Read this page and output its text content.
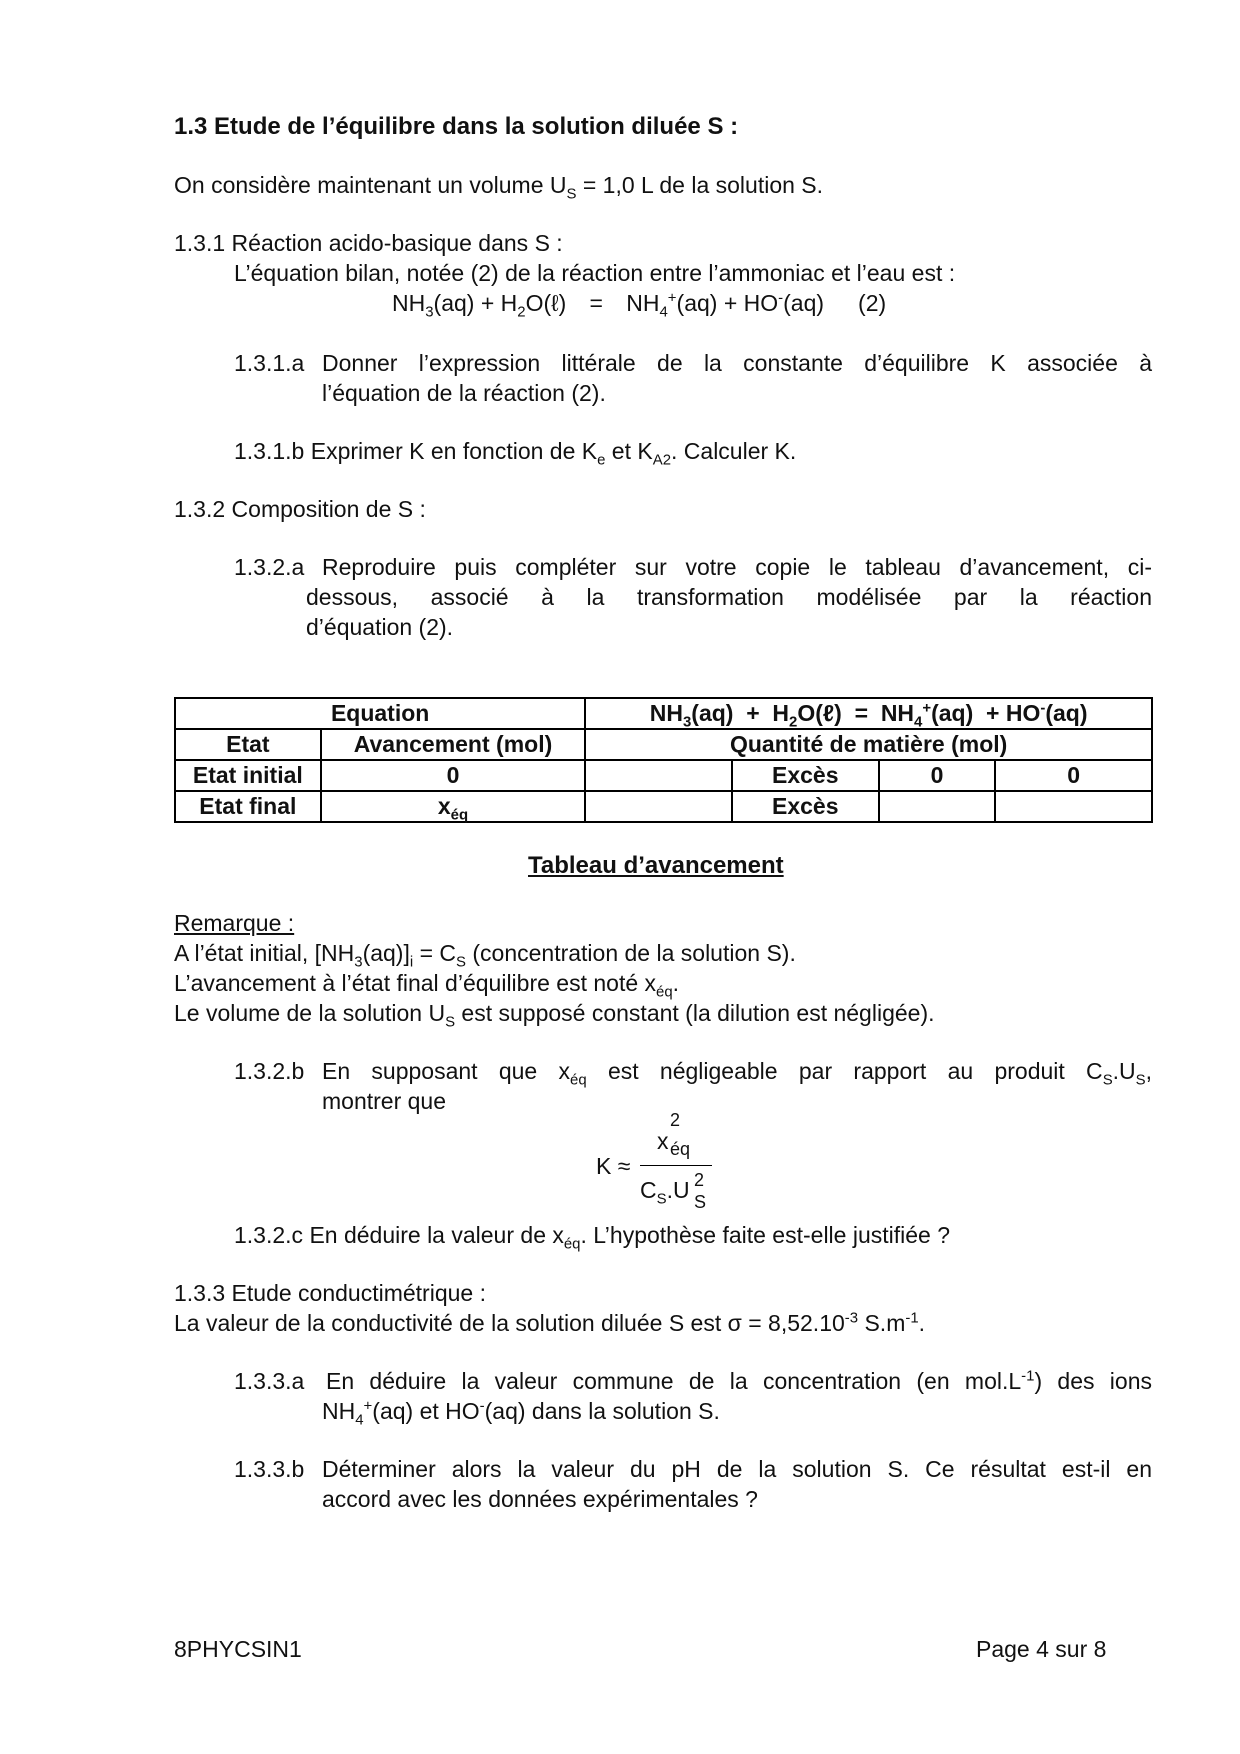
1.3 Etude de l’équilibre dans la solution diluée S :
On considère maintenant un volume $U_S = 1,0$ L de la solution S.
1.3.1 Réaction acido-basique dans S :
L’équation bilan, notée (2) de la réaction entre l’ammoniac et l’eau est :
$NH_3(aq)$ + $H_2O(\ell) = NH_4^+(aq) + HO^-(aq)$ (2)
1.3.1.a Donner l’expression littérale de la constante d’équilibre K associée à
l’équation de la réaction (2).
1.3.1.b Exprimer K en fonction de $K_e$ et $K_{A2}$. Calculer K.
1.3.2 Composition de S :
1.3.2.a Reproduire puis compléter sur votre copie le tableau d’avancement, ci-
dessous, associé à la transformation modélisée par la réaction
d’équation (2).
Equation		$NH_3(aq)$  +  $H_2O(\ell) = NH_4^+(aq) + HO^-(aq)$			
Etat	Avancement (mol)	Quantité de matière (mol)			
Etat initial	0		Excès	0	0
Etat final	$x_{éq}$		Excès		
Tableau d’avancement
Remarque :
A l’état initial, $[NH_3(aq)]_i = C_S$ (concentration de la solution S).
L’avancement à l’état final d’équilibre est noté $x_{éq}$.
Le volume de la solution $U_S$ est supposé constant (la dilution est négligée).
1.3.2.b En supposant que $x_{éq}$ est négligeable par rapport au produit $C_S.U_S$,
montrer que
K ≈
x
2
éq
$C_S.U$ 2
S
1.3.2.c En déduire la valeur de $x_{éq}$. L’hypothèse faite est-elle justifiée ?
1.3.3 Etude conductimétrique :
La valeur de la conductivité de la solution diluée S est $\sigma = 8,52.10^{-3}$ $S.m^{-1}$.
1.3.3.a En déduire la valeur commune de la concentration (en $mol.L^{-1}$) des ions
$NH_4^+(aq)$ et HO-(aq) dans la solution S.
1.3.3.b Déterminer alors la valeur du pH de la solution S. Ce résultat est-il en
accord avec les données expérimentales ?
8PHYCSIN1	Page 4 sur 8
